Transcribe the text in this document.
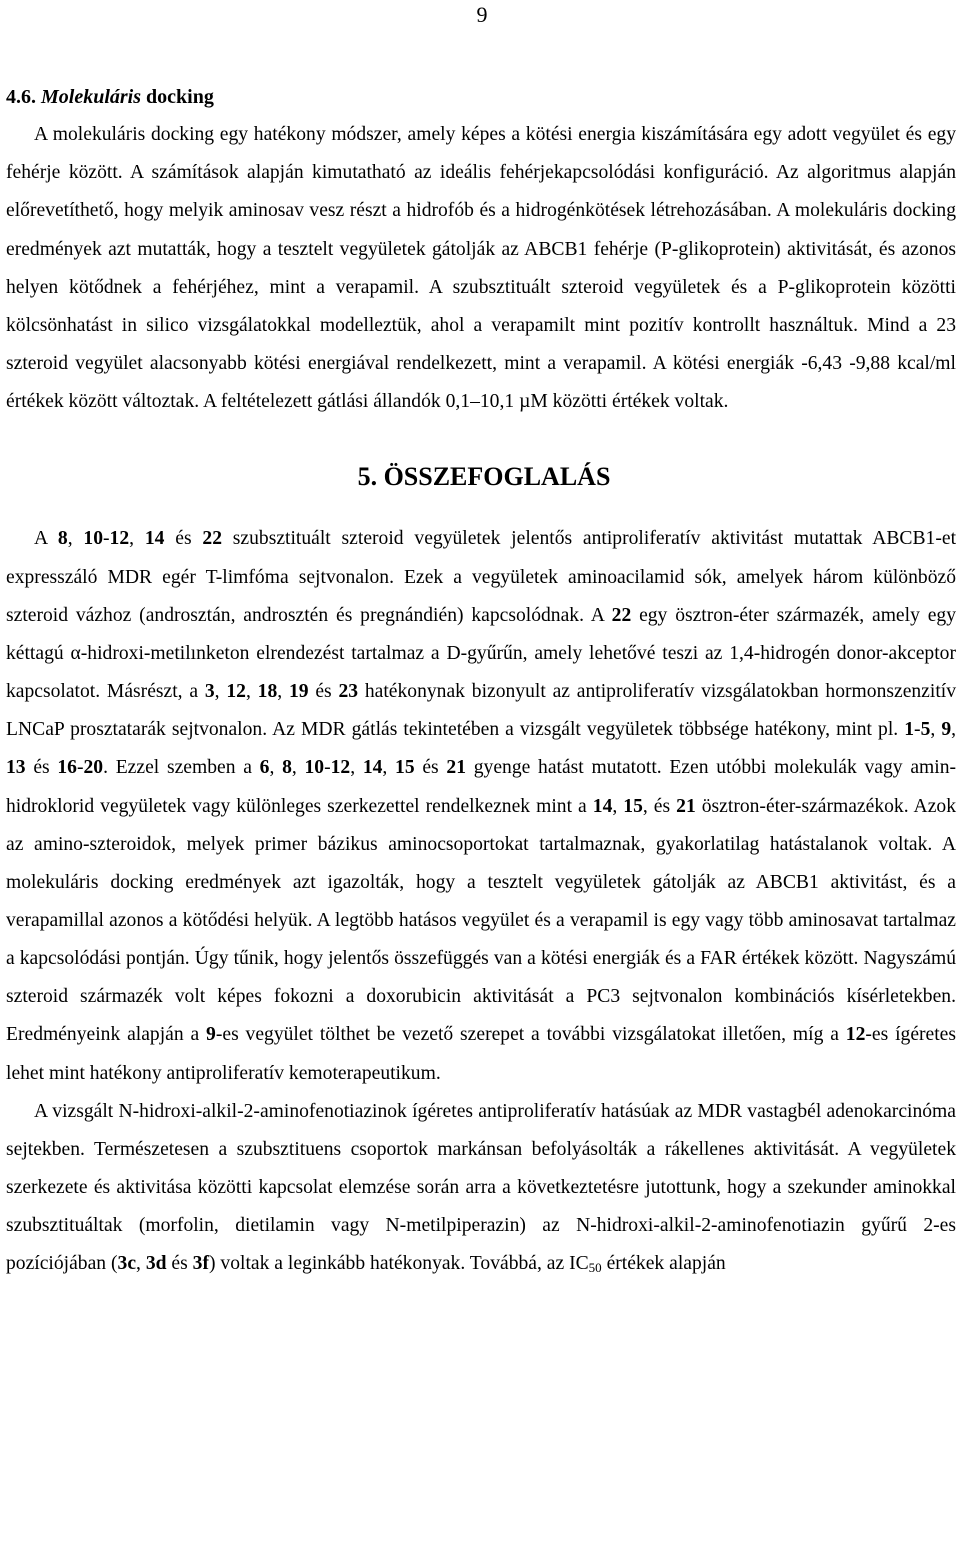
9
4.6. Molekuláris docking

A molekuláris docking egy hatékony módszer, amely képes a kötési energia kiszámítására egy adott vegyület és egy fehérje között. A számítások alapján kimutatható az ideális fehérjekapcsolódási konfiguráció. Az algoritmus alapján előrevetíthető, hogy melyik aminosav vesz részt a hidrofób és a hidrogénkötések létrehozásában. A molekuláris docking eredmények azt mutatták, hogy a tesztelt vegyületek gátolják az ABCB1 fehérje (P-glikoprotein) aktivitását, és azonos helyen kötődnek a fehérjéhez, mint a verapamil. A szubsztituált szteroid vegyületek és a P-glikoprotein közötti kölcsönhatást in silico vizsgálatokkal modelleztük, ahol a verapamilt mint pozitív kontrollt használtuk. Mind a 23 szteroid vegyület alacsonyabb kötési energiával rendelkezett, mint a verapamil. A kötési energiák -6,43 -9,88 kcal/ml értékek között változtak. A feltételezett gátlási állandók 0,1–10,1 µM közötti értékek voltak.

5. ÖSSZEFOGLALÁS

A 8, 10-12, 14 és 22 szubsztituált szteroid vegyületek jelentős antiproliferatív aktivitást mutattak ABCB1-et expresszáló MDR egér T-limfóma sejtvonalon. Ezek a vegyületek aminoacilamid sók, amelyek három különböző szteroid vázhoz (androsztán, androsztén és pregnándién) kapcsolódnak. A 22 egy ösztron-éter származék, amely egy kéttagú α-hidroxi-metilınketon elrendezést tartalmaz a D-gyűrűn, amely lehetővé teszi az 1,4-hidrogén donor-akceptor kapcsolatot. Másrészt, a 3, 12, 18, 19 és 23 hatékonynak bizonyult az antiproliferatív vizsgálatokban hormonszenzitív LNCaP prosztatarák sejtvonalon. Az MDR gátlás tekintetében a vizsgált vegyületek többsége hatékony, mint pl. 1-5, 9, 13 és 16-20. Ezzel szemben a 6, 8, 10-12, 14, 15 és 21 gyenge hatást mutatott. Ezen utóbbi molekulák vagy amin-hidroklorid vegyületek vagy különleges szerkezettel rendelkeznek mint a 14, 15, és 21 ösztron-éter-származékok. Azok az amino-szteroidok, melyek primer bázikus aminocsoportokat tartalmaznak, gyakorlatilag hatástalanok voltak. A molekuláris docking eredmények azt igazolták, hogy a tesztelt vegyületek gátolják az ABCB1 aktivitást, és a verapamillal azonos a kötődési helyük. A legtöbb hatásos vegyület és a verapamil is egy vagy több aminosavat tartalmaz a kapcsolódási pontján. Úgy tűnik, hogy jelentős összefüggés van a kötési energiák és a FAR értékek között. Nagyszámú szteroid származék volt képes fokozni a doxorubicin aktivitását a PC3 sejtvonalon kombinációs kísérletekben. Eredményeink alapján a 9-es vegyület tölthet be vezető szerepet a további vizsgálatokat illetően, míg a 12-es ígéretes lehet mint hatékony antiproliferatív kemoterapeutikum.

A vizsgált N-hidroxi-alkil-2-aminofenotiazinok ígéretes antiproliferatív hatásúak az MDR vastagbél adenokarcinóma sejtekben. Természetesen a szubsztituens csoportok markánsan befolyásolták a rákellenes aktivitását. A vegyületek szerkezete és aktivitása közötti kapcsolat elemzése során arra a következtetésre jutottunk, hogy a szekunder aminokkal szubsztituáltak (morfolin, dietilamin vagy N-metilpiperazin) az N-hidroxi-alkil-2-aminofenotiazin gyűrű 2-es pozíciójában (3c, 3d és 3f) voltak a leginkább hatékonyak. Továbbá, az $IC_{50}$ értékek alapján
